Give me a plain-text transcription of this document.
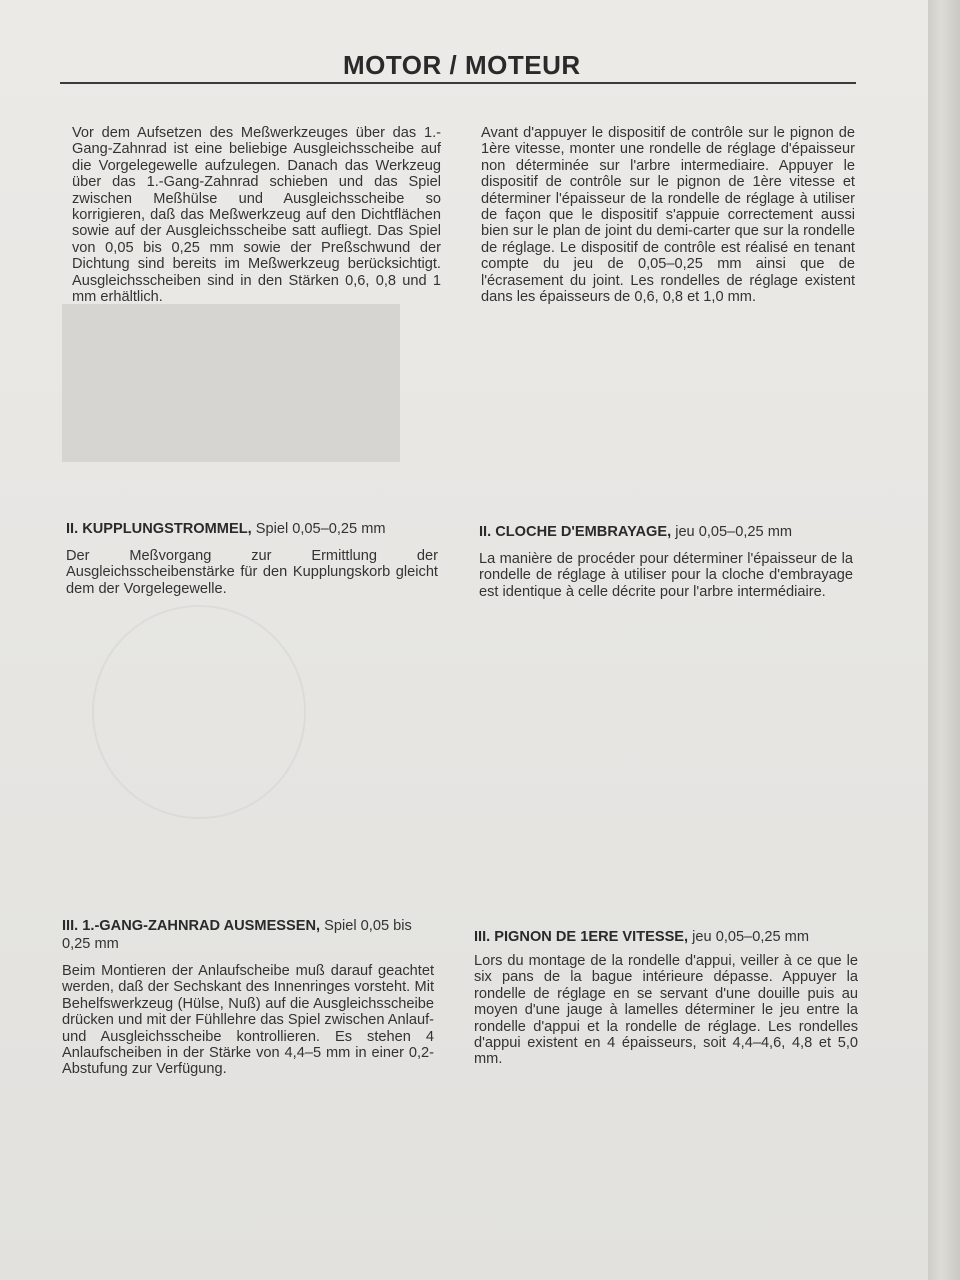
MOTOR / MOTEUR
Vor dem Aufsetzen des Meßwerkzeuges über das 1.-Gang-Zahnrad ist eine beliebige Ausgleichsscheibe auf die Vorgelegewelle aufzulegen. Danach das Werkzeug über das 1.-Gang-Zahnrad schieben und das Spiel zwischen Meßhülse und Ausgleichsscheibe so korrigieren, daß das Meßwerkzeug auf den Dichtflächen sowie auf der Ausgleichsscheibe satt aufliegt. Das Spiel von 0,05 bis 0,25 mm sowie der Preßschwund der Dichtung sind bereits im Meßwerkzeug berücksichtigt. Ausgleichsscheiben sind in den Stärken 0,6, 0,8 und 1 mm erhältlich.
Avant d'appuyer le dispositif de contrôle sur le pignon de 1ère vitesse, monter une rondelle de réglage d'épaisseur non déterminée sur l'arbre intermediaire. Appuyer le dispositif de contrôle sur le pignon de 1ère vitesse et déterminer l'épaisseur de la rondelle de réglage à utiliser de façon que le dispositif s'appuie correctement aussi bien sur le plan de joint du demi-carter que sur la rondelle de réglage. Le dispositif de contrôle est réalisé en tenant compte du jeu de 0,05–0,25 mm ainsi que de l'écrasement du joint. Les rondelles de réglage existent dans les épaisseurs de 0,6, 0,8 et 1,0 mm.
II. KUPPLUNGSTROMMEL, Spiel 0,05–0,25 mm
Der Meßvorgang zur Ermittlung der Ausgleichsscheibenstärke für den Kupplungskorb gleicht dem der Vorgelegewelle.
II. CLOCHE D'EMBRAYAGE, jeu 0,05–0,25 mm
La manière de procéder pour déterminer l'épaisseur de la rondelle de réglage à utiliser pour la cloche d'embrayage est identique à celle décrite pour l'arbre intermédiaire.
III. 1.-GANG-ZAHNRAD AUSMESSEN, Spiel 0,05 bis 0,25 mm
Beim Montieren der Anlaufscheibe muß darauf geachtet werden, daß der Sechskant des Innenringes vorsteht. Mit Behelfswerkzeug (Hülse, Nuß) auf die Ausgleichsscheibe drücken und mit der Fühllehre das Spiel zwischen Anlauf- und Ausgleichsscheibe kontrollieren. Es stehen 4 Anlaufscheiben in der Stärke von 4,4–5 mm in einer 0,2-Abstufung zur Verfügung.
III. PIGNON DE 1ERE VITESSE, jeu 0,05–0,25 mm
Lors du montage de la rondelle d'appui, veiller à ce que le six pans de la bague intérieure dépasse. Appuyer la rondelle de réglage en se servant d'une douille puis au moyen d'une jauge à lamelles déterminer le jeu entre la rondelle d'appui et la rondelle de réglage. Les rondelles d'appui existent en 4 épaisseurs, soit 4,4–4,6, 4,8 et 5,0 mm.
